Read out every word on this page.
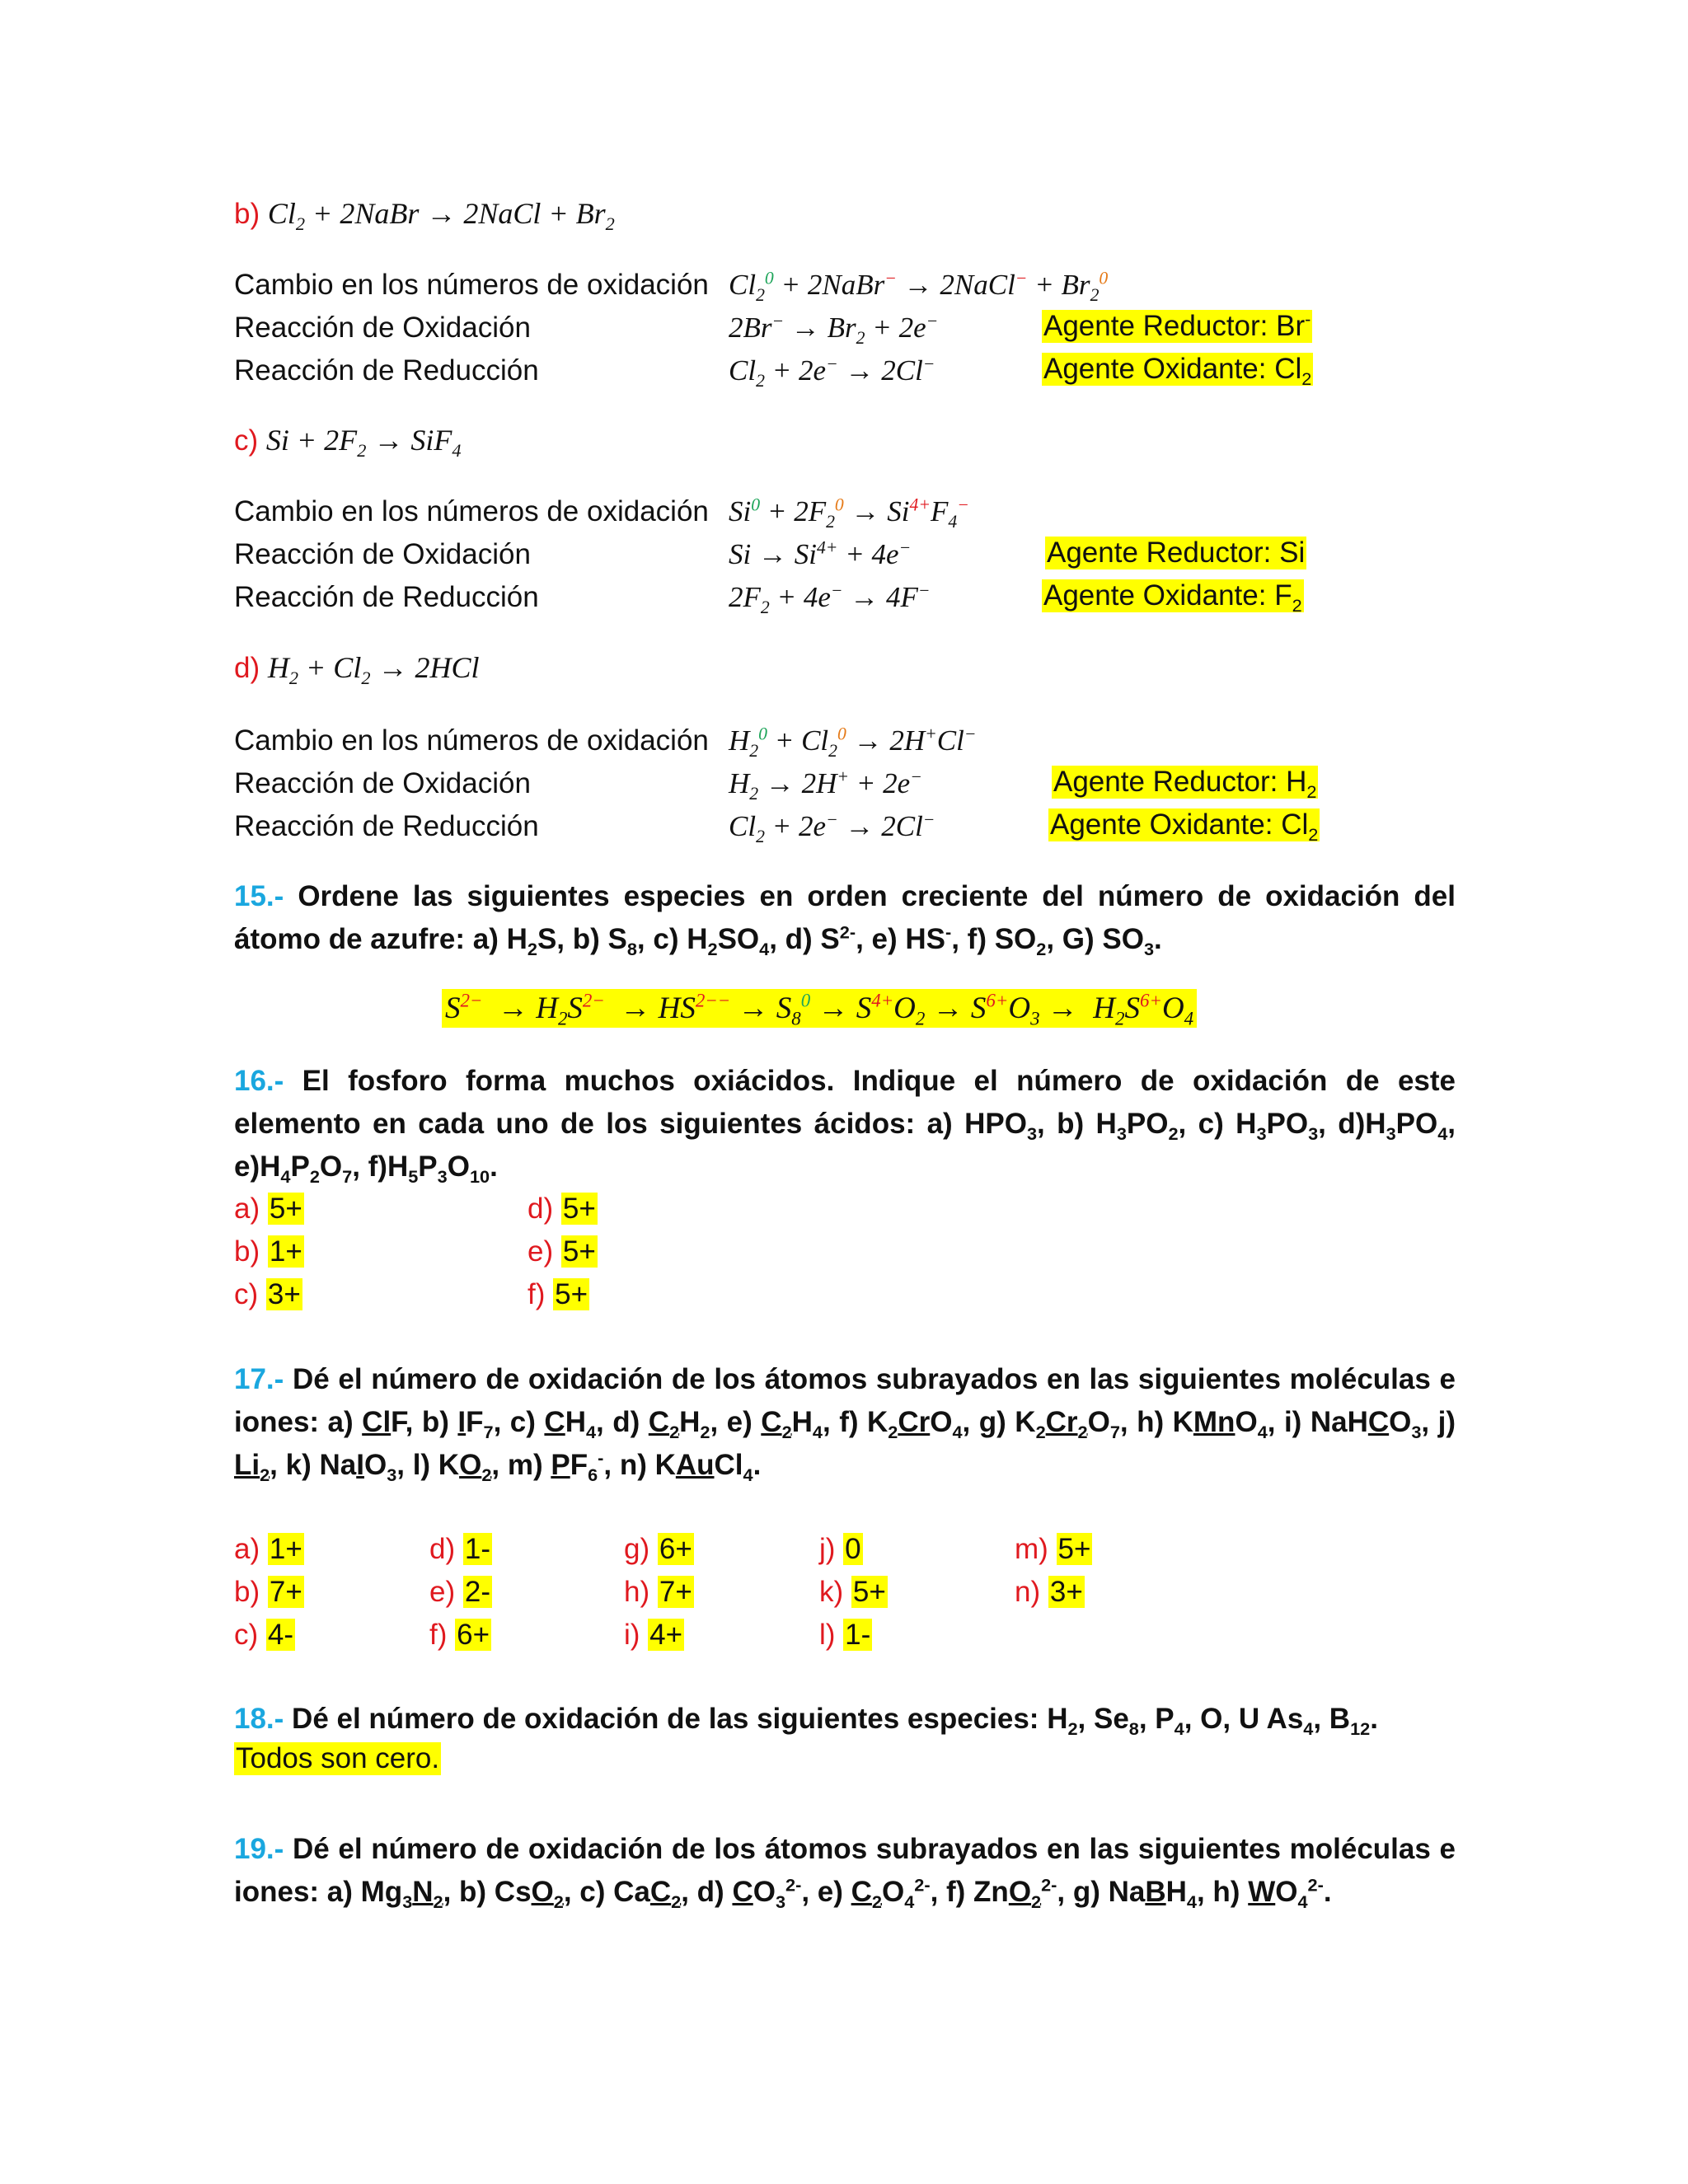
b) $Cl_2$ + 2NaBr → 2NaCl + $Br_2$
Cambio en los números de oxidación
Reacción de Oxidación
Reacción de Reducción
$Cl_2^0$ + 2NaBr− → 2NaCl− + $Br_2^0$
$2Br^- \to Br_2 + 2e^-$
$Cl_2 + 2e^- \to 2Cl^-$
Agente Reductor: Br-
Agente Oxidante: $Cl_2$
c) $Si + 2F_2 \to SiF_4$
Cambio en los números de oxidación
Reacción de Oxidación
Reacción de Reducción
$Si^0 + 2F_2^0 \to Si^{4+}F_4^-$
$Si \to Si^{4+} + 4e^-$
$2F_2 + 4e^- \to 4F^-$
Agente Reductor: Si
Agente Oxidante: $F_2$
d) $H_2 + Cl_2 \to 2HCl$
Cambio en los números de oxidación
Reacción de Oxidación
Reacción de Reducción
$H_2^0 + Cl_2^0 \to 2H^+Cl^-$
$H_2 \to 2H^+ + 2e^-$
$Cl_2 + 2e^- \to 2Cl^-$
Agente Reductor: $H_2$
Agente Oxidante: $Cl_2$
15.- Ordene las siguientes especies en orden creciente del número de oxidación del átomo de azufre: a) $H_2S$, b) $S_8$, c) $H_2SO_4$, d) $S^{2-}$, e) HS-, f) $SO_2$, G) $SO_3$.
$S^{2-} \to H_2S^{2-} \to HS^{2--} \to S_8^0 \to S^{4+}O_2 \to S^{6+}O_3 \to H_2S^{6+}O_4$
16.- El fosforo forma muchos oxiácidos. Indique el número de oxidación de este elemento en cada uno de los siguientes ácidos: a) $HPO_3$, b) $H_3PO_2$, c) $H_3PO_3$, $d)H_3PO_4$, $e)H_4P_2O_7$, $f)H_5P_3O_{10}$.
a) 5+
b) 1+
c) 3+
d) 5+
e) 5+
f) 5+
17.- Dé el número de oxidación de los átomos subrayados en las siguientes moléculas e iones: a) ClF, b) $IF_7$, c) $CH_4$, d) $C_2H_2$, e) $C_2H_4$, f) $K_2CrO_4$, g) $K_2Cr_2O_7$, h) KMnO$_4$, i) NaHCO$_3$, j) $Li_2$, k) NaIO$_3$, l) $KO_2$, m) $PF_6^-$, n) KAuCl$_4$.
a) 1+
b) 7+
c) 4-
d) 1-
e) 2-
f) 6+
g) 6+
h) 7+
i) 4+
j) 0
k) 5+
l) 1-
m) 5+
n) 3+
18.- Dé el número de oxidación de las siguientes especies: $H_2$, $Se_8$, $P_4$, O, U $As_4$, $B_{12}$.
Todos son cero.
19.- Dé el número de oxidación de los átomos subrayados en las siguientes moléculas e iones: a) $Mg_3N_2$, b) CsO$_2$, c) CaC$_2$, d) $CO_3^{2-}$, e) $C_2O_4^{2-}$, f) ZnO$_2^{2-}$, g) NaBH$_4$, h) $WO_4^{2-}$.
